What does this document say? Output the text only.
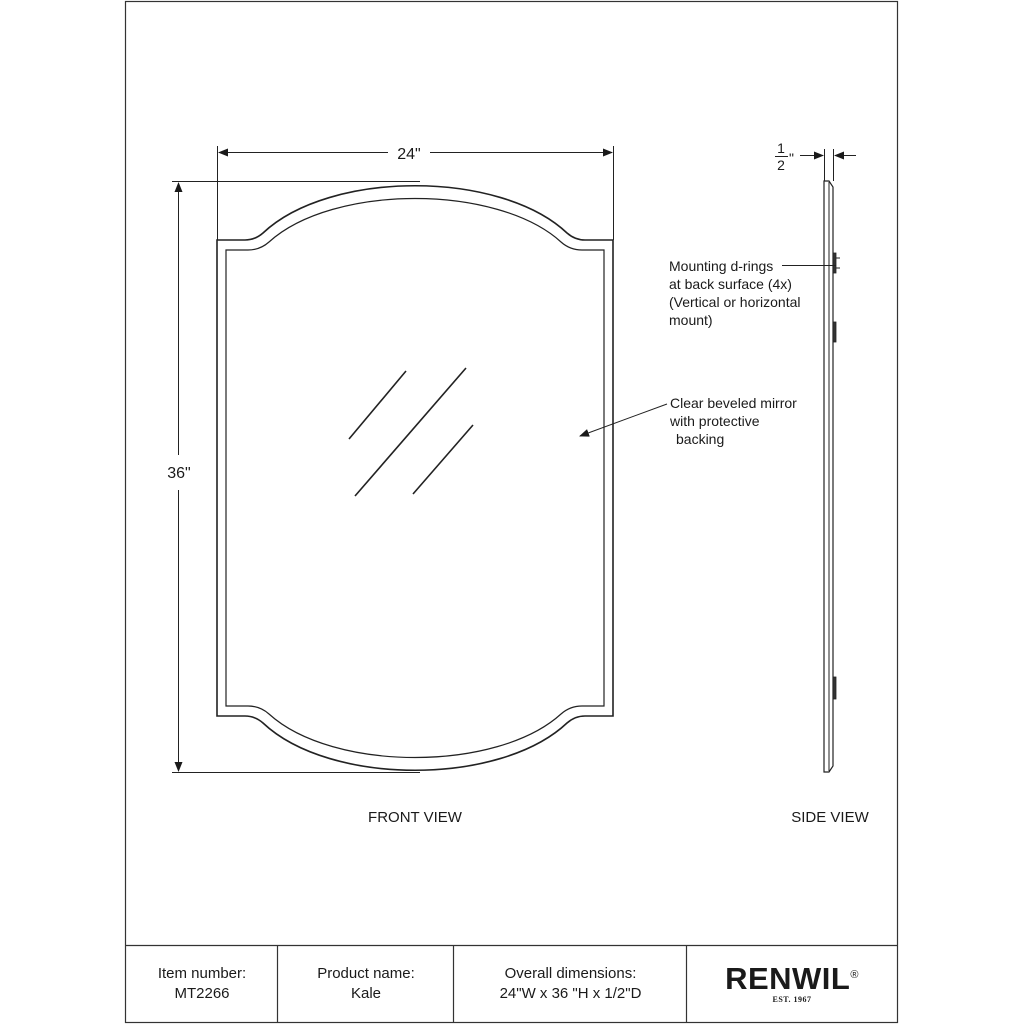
24"
36"
1
2 "
Mounting d-rings
at back surface (4x)
(Vertical or horizontal
mount)
Clear beveled mirror
with protective
backing
FRONT VIEW	SIDE VIEW
Item number:
MT2266
Product name:
Kale
Overall dimensions:
24"W x 36 "H x 1/2"D	RENWIL®
EST. 1967
